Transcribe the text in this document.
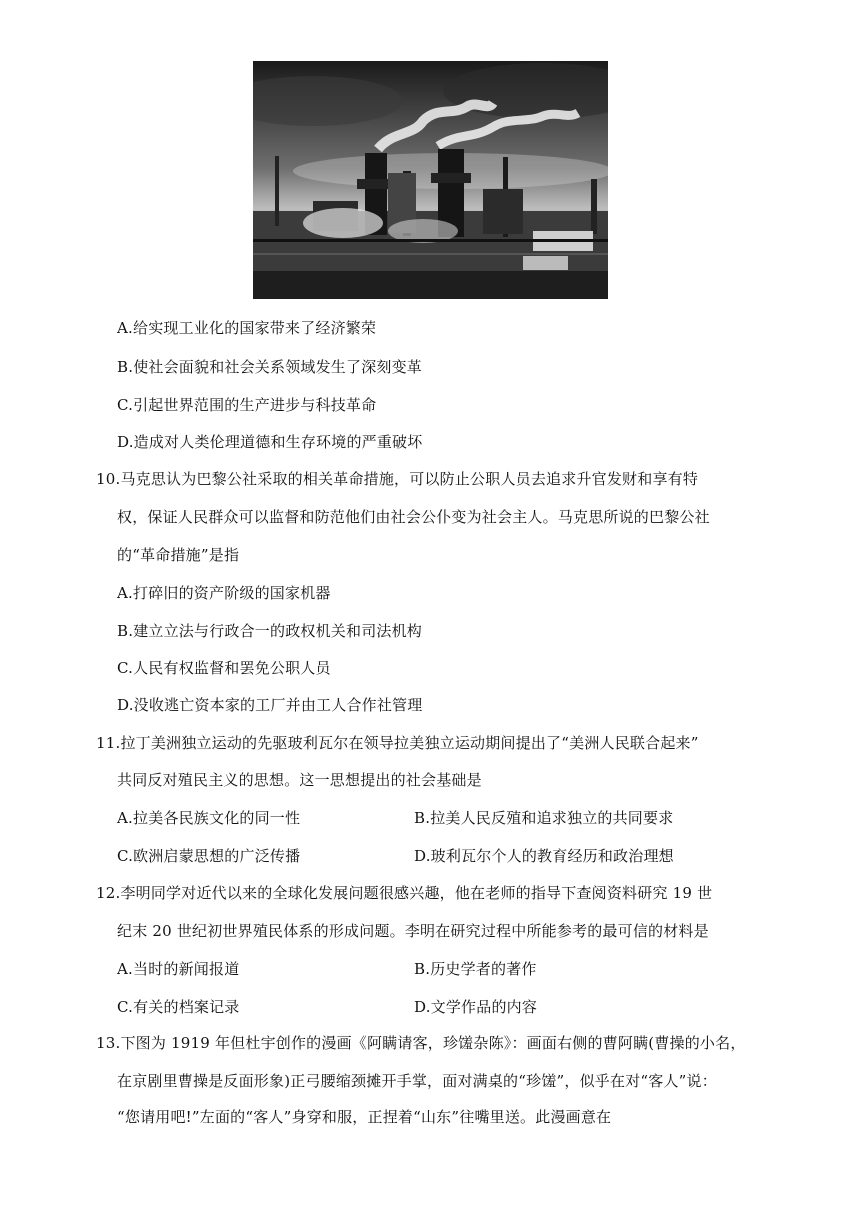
A.给实现工业化的国家带来了经济繁荣
B.使社会面貌和社会关系领域发生了深刻变革
C.引起世界范围的生产进步与科技革命
D.造成对人类伦理道德和生存环境的严重破坏
10.马克思认为巴黎公社采取的相关革命措施，可以防止公职人员去追求升官发财和享有特
权，保证人民群众可以监督和防范他们由社会公仆变为社会主人。马克思所说的巴黎公社
的“革命措施”是指
A.打碎旧的资产阶级的国家机器
B.建立立法与行政合一的政权机关和司法机构
C.人民有权监督和罢免公职人员
D.没收逃亡资本家的工厂并由工人合作社管理
11.拉丁美洲独立运动的先驱玻利瓦尔在领导拉美独立运动期间提出了“美洲人民联合起来”
共同反对殖民主义的思想。这一思想提出的社会基础是
A.拉美各民族文化的同一性	B.拉美人民反殖和追求独立的共同要求
C.欧洲启蒙思想的广泛传播	D.玻利瓦尔个人的教育经历和政治理想
12.李明同学对近代以来的全球化发展问题很感兴趣，他在老师的指导下查阅资料研究 19 世
纪末 20 世纪初世界殖民体系的形成问题。李明在研究过程中所能参考的最可信的材料是
A.当时的新闻报道	B.历史学者的著作
C.有关的档案记录	D.文学作品的内容
13.下图为 1919 年但杜宇创作的漫画《阿瞒请客，珍馐杂陈》：画面右侧的曹阿瞒(曹操的小名，
在京剧里曹操是反面形象)正弓腰缩颈摊开手掌，面对满桌的“珍馐”，似乎在对“客人”说：
“您请用吧!”左面的“客人”身穿和服，正捏着“山东”往嘴里送。此漫画意在
